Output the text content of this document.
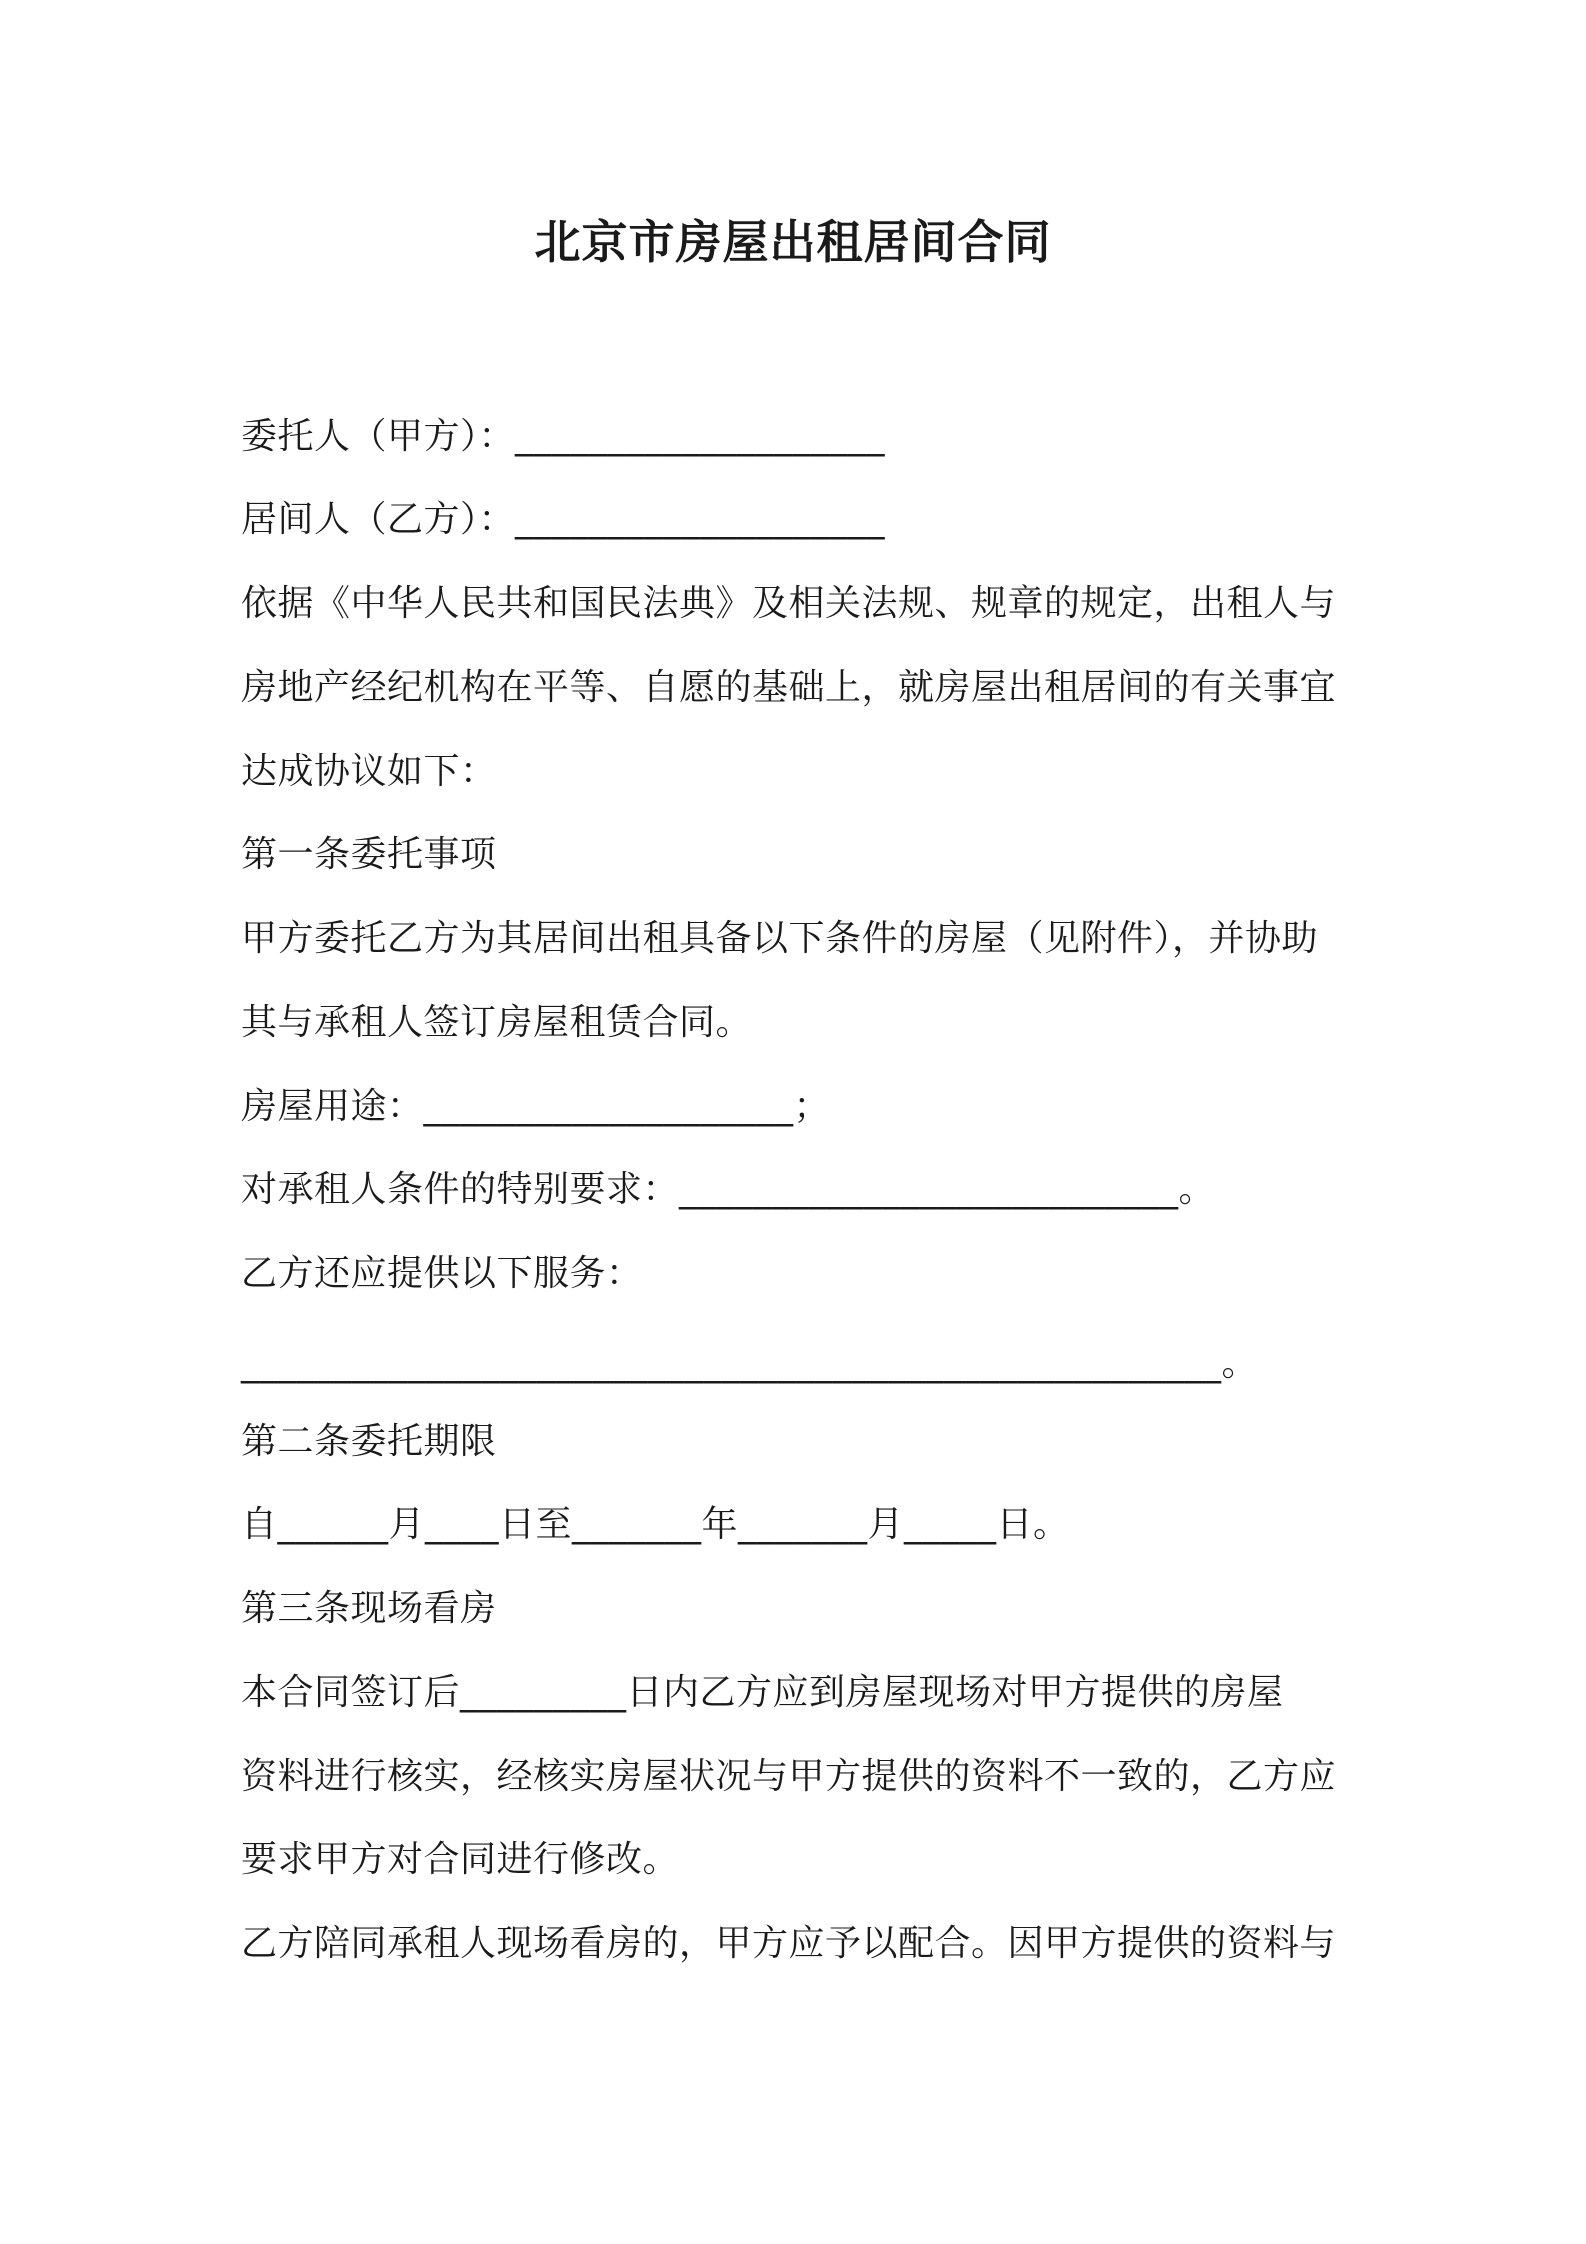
北京市房屋出租居间合同
委托人（甲方）：____________________
居间人（乙方）：____________________
依据《中华人民共和国民法典》及相关法规、规章的规定，出租人与
房地产经纪机构在平等、自愿的基础上，就房屋出租居间的有关事宜
达成协议如下：
第一条委托事项
甲方委托乙方为其居间出租具备以下条件的房屋（见附件），并协助
其与承租人签订房屋租赁合同。
房屋用途：____________________；
对承租人条件的特别要求：___________________________。
乙方还应提供以下服务：
_____________________________________________________。
第二条委托期限
自______月____日至_______年_______月_____日。
第三条现场看房
本合同签订后_________日内乙方应到房屋现场对甲方提供的房屋
资料进行核实，经核实房屋状况与甲方提供的资料不一致的，乙方应
要求甲方对合同进行修改。
乙方陪同承租人现场看房的，甲方应予以配合。因甲方提供的资料与
